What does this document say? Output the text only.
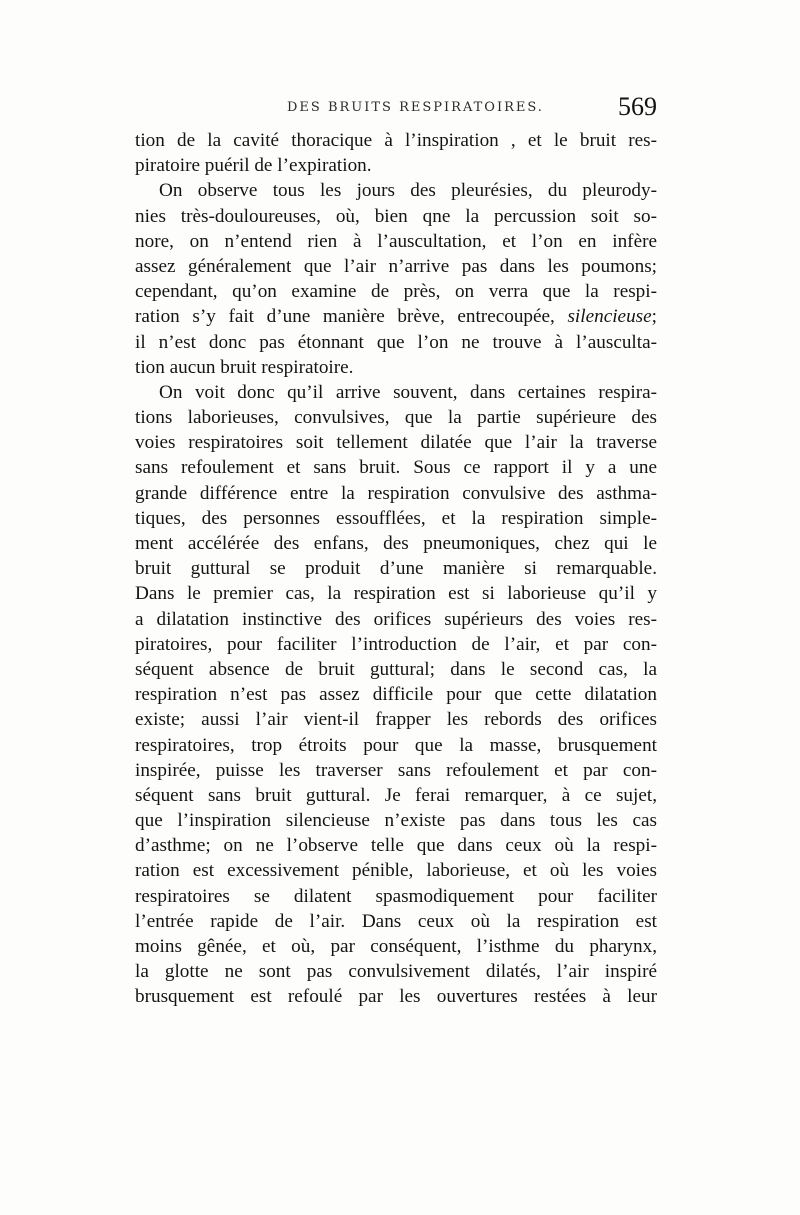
DES BRUITS RESPIRATOIRES.	569
tion de la cavité thoracique à l’inspiration , et le bruit res-
piratoire puéril de l’expiration.
On observe tous les jours des pleurésies, du pleurody-
nies très-douloureuses, où, bien qne la percussion soit so-
nore, on n’entend rien à l’auscultation, et l’on en infère
assez généralement que l’air n’arrive pas dans les poumons;
cependant, qu’on examine de près, on verra que la respi-
ration s’y fait d’une manière brève, entrecoupée, silencieuse;
il n’est donc pas étonnant que l’on ne trouve à l’ausculta-
tion aucun bruit respiratoire.
On voit donc qu’il arrive souvent, dans certaines respira-
tions laborieuses, convulsives, que la partie supérieure des
voies respiratoires soit tellement dilatée que l’air la traverse
sans refoulement et sans bruit. Sous ce rapport il y a une
grande différence entre la respiration convulsive des asthma-
tiques, des personnes essoufflées, et la respiration simple-
ment accélérée des enfans, des pneumoniques, chez qui le
bruit guttural se produit d’une manière si remarquable.
Dans le premier cas, la respiration est si laborieuse qu’il y
a dilatation instinctive des orifices supérieurs des voies res-
piratoires, pour faciliter l’introduction de l’air, et par con-
séquent absence de bruit guttural; dans le second cas, la
respiration n’est pas assez difficile pour que cette dilatation
existe; aussi l’air vient-il frapper les rebords des orifices
respiratoires, trop étroits pour que la masse, brusquement
inspirée, puisse les traverser sans refoulement et par con-
séquent sans bruit guttural. Je ferai remarquer, à ce sujet,
que l’inspiration silencieuse n’existe pas dans tous les cas
d’asthme; on ne l’observe telle que dans ceux où la respi-
ration est excessivement pénible, laborieuse, et où les voies
respiratoires se dilatent spasmodiquement pour faciliter
l’entrée rapide de l’air. Dans ceux où la respiration est
moins gênée, et où, par conséquent, l’isthme du pharynx,
la glotte ne sont pas convulsivement dilatés, l’air inspiré
brusquement est refoulé par les ouvertures restées à leur
